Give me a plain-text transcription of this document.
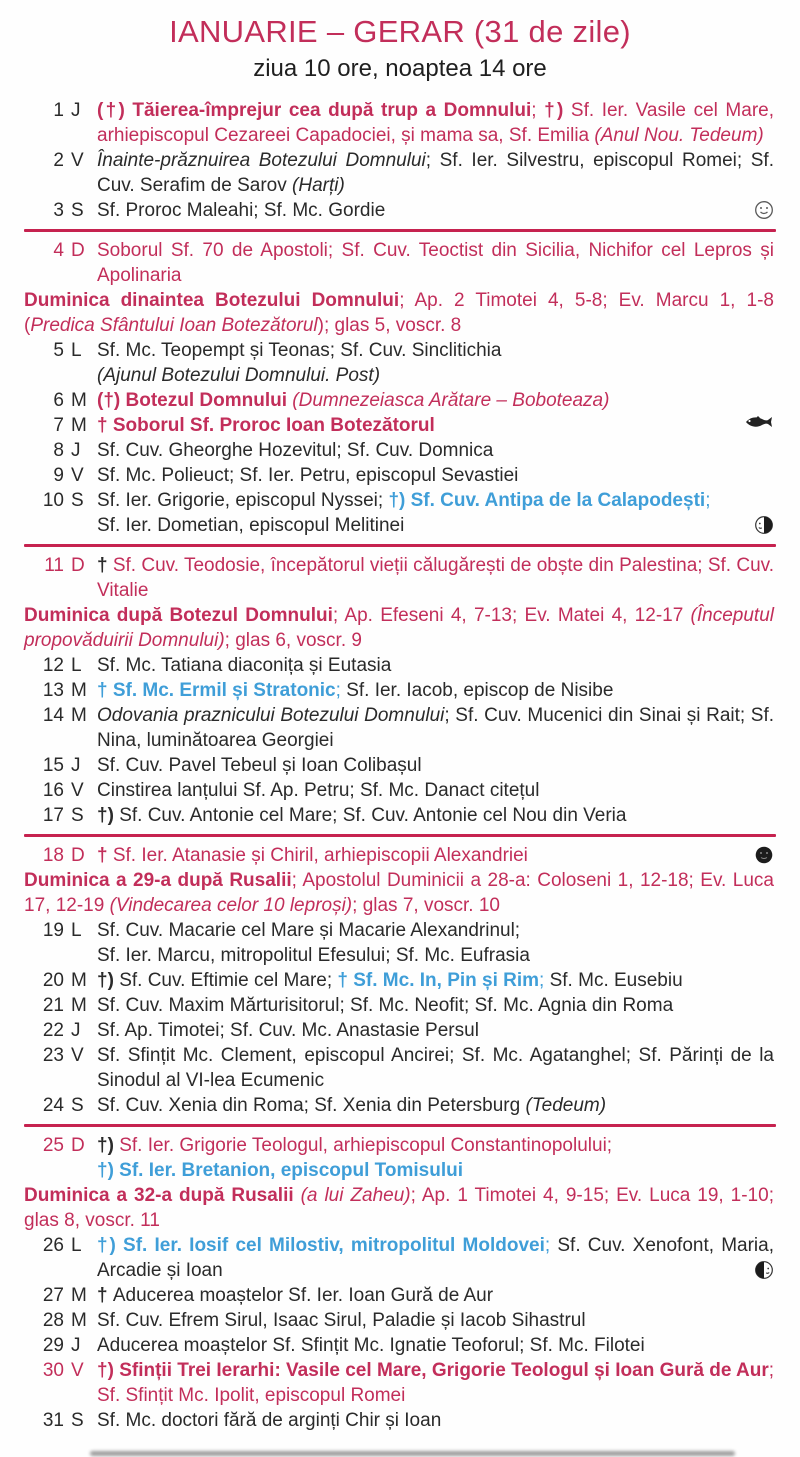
IANUARIE – GERAR (31 de zile)
ziua 10 ore, noaptea 14 ore
1 J (†) Tăierea-împrejur cea după trup a Domnului; †) Sf. Ier. Vasile cel Mare, arhiepiscopul Cezareei Capadociei, și mama sa, Sf. Emilia (Anul Nou. Tedeum)
2 V Înainte-prăznuirea Botezului Domnului; Sf. Ier. Silvestru, episcopul Romei; Sf. Cuv. Serafim de Sarov (Harți)
3 S Sf. Proroc Maleahi; Sf. Mc. Gordie
4 D Soborul Sf. 70 de Apostoli; Sf. Cuv. Teoctist din Sicilia, Nichifor cel Lepros și Apolinaria
Duminica dinaintea Botezului Domnului; Ap. 2 Timotei 4, 5-8; Ev. Marcu 1, 1-8 (Predica Sfântului Ioan Botezătorul); glas 5, voscr. 8
5 L Sf. Mc. Teopempt și Teonas; Sf. Cuv. Sinclitichia
(Ajunul Botezului Domnului. Post)
6 M (†) Botezul Domnului (Dumnezeiasca Arătare – Boboteaza)
7 M † Soborul Sf. Proroc Ioan Botezătorul
8 J Sf. Cuv. Gheorghe Hozevitul; Sf. Cuv. Domnica
9 V Sf. Mc. Polieuct; Sf. Ier. Petru, episcopul Sevastiei
10 S Sf. Ier. Grigorie, episcopul Nyssei; †) Sf. Cuv. Antipa de la Calapodești;
Sf. Ier. Dometian, episcopul Melitinei
11 D † Sf. Cuv. Teodosie, începătorul vieții călugărești de obște din Palestina; Sf. Cuv. Vitalie
Duminica după Botezul Domnului; Ap. Efeseni 4, 7-13; Ev. Matei 4, 12-17 (Începutul propovăduirii Domnului); glas 6, voscr. 9
12 L Sf. Mc. Tatiana diaconița și Eutasia
13 M † Sf. Mc. Ermil și Stratonic; Sf. Ier. Iacob, episcop de Nisibe
14 M Odovania praznicului Botezului Domnului; Sf. Cuv. Mucenici din Sinai și Rait; Sf. Nina, luminătoarea Georgiei
15 J Sf. Cuv. Pavel Tebeul și Ioan Colibașul
16 V Cinstirea lanțului Sf. Ap. Petru; Sf. Mc. Danact citețul
17 S †) Sf. Cuv. Antonie cel Mare; Sf. Cuv. Antonie cel Nou din Veria
18 D † Sf. Ier. Atanasie și Chiril, arhiepiscopii Alexandriei
Duminica a 29-a după Rusalii; Apostolul Duminicii a 28-a: Coloseni 1, 12-18; Ev. Luca 17, 12-19 (Vindecarea celor 10 leproși); glas 7, voscr. 10
19 L Sf. Cuv. Macarie cel Mare și Macarie Alexandrinul;
Sf. Ier. Marcu, mitropolitul Efesului; Sf. Mc. Eufrasia
20 M †) Sf. Cuv. Eftimie cel Mare; † Sf. Mc. In, Pin și Rim; Sf. Mc. Eusebiu
21 M Sf. Cuv. Maxim Mărturisitorul; Sf. Mc. Neofit; Sf. Mc. Agnia din Roma
22 J Sf. Ap. Timotei; Sf. Cuv. Mc. Anastasie Persul
23 V Sf. Sfințit Mc. Clement, episcopul Ancirei; Sf. Mc. Agatanghel; Sf. Părinți de la Sinodul al VI-lea Ecumenic
24 S Sf. Cuv. Xenia din Roma; Sf. Xenia din Petersburg (Tedeum)
25 D †) Sf. Ier. Grigorie Teologul, arhiepiscopul Constantinopolului;
†) Sf. Ier. Bretanion, episcopul Tomisului
Duminica a 32-a după Rusalii (a lui Zaheu); Ap. 1 Timotei 4, 9-15; Ev. Luca 19, 1-10; glas 8, voscr. 11
26 L †) Sf. Ier. Iosif cel Milostiv, mitropolitul Moldovei; Sf. Cuv. Xenofont, Maria, Arcadie și Ioan
27 M † Aducerea moaștelor Sf. Ier. Ioan Gură de Aur
28 M Sf. Cuv. Efrem Sirul, Isaac Sirul, Paladie și Iacob Sihastrul
29 J Aducerea moaștelor Sf. Sfințit Mc. Ignatie Teoforul; Sf. Mc. Filotei
30 V †) Sfinții Trei Ierarhi: Vasile cel Mare, Grigorie Teologul și Ioan Gură de Aur; Sf. Sfințit Mc. Ipolit, episcopul Romei
31 S Sf. Mc. doctori fără de arginți Chir și Ioan
